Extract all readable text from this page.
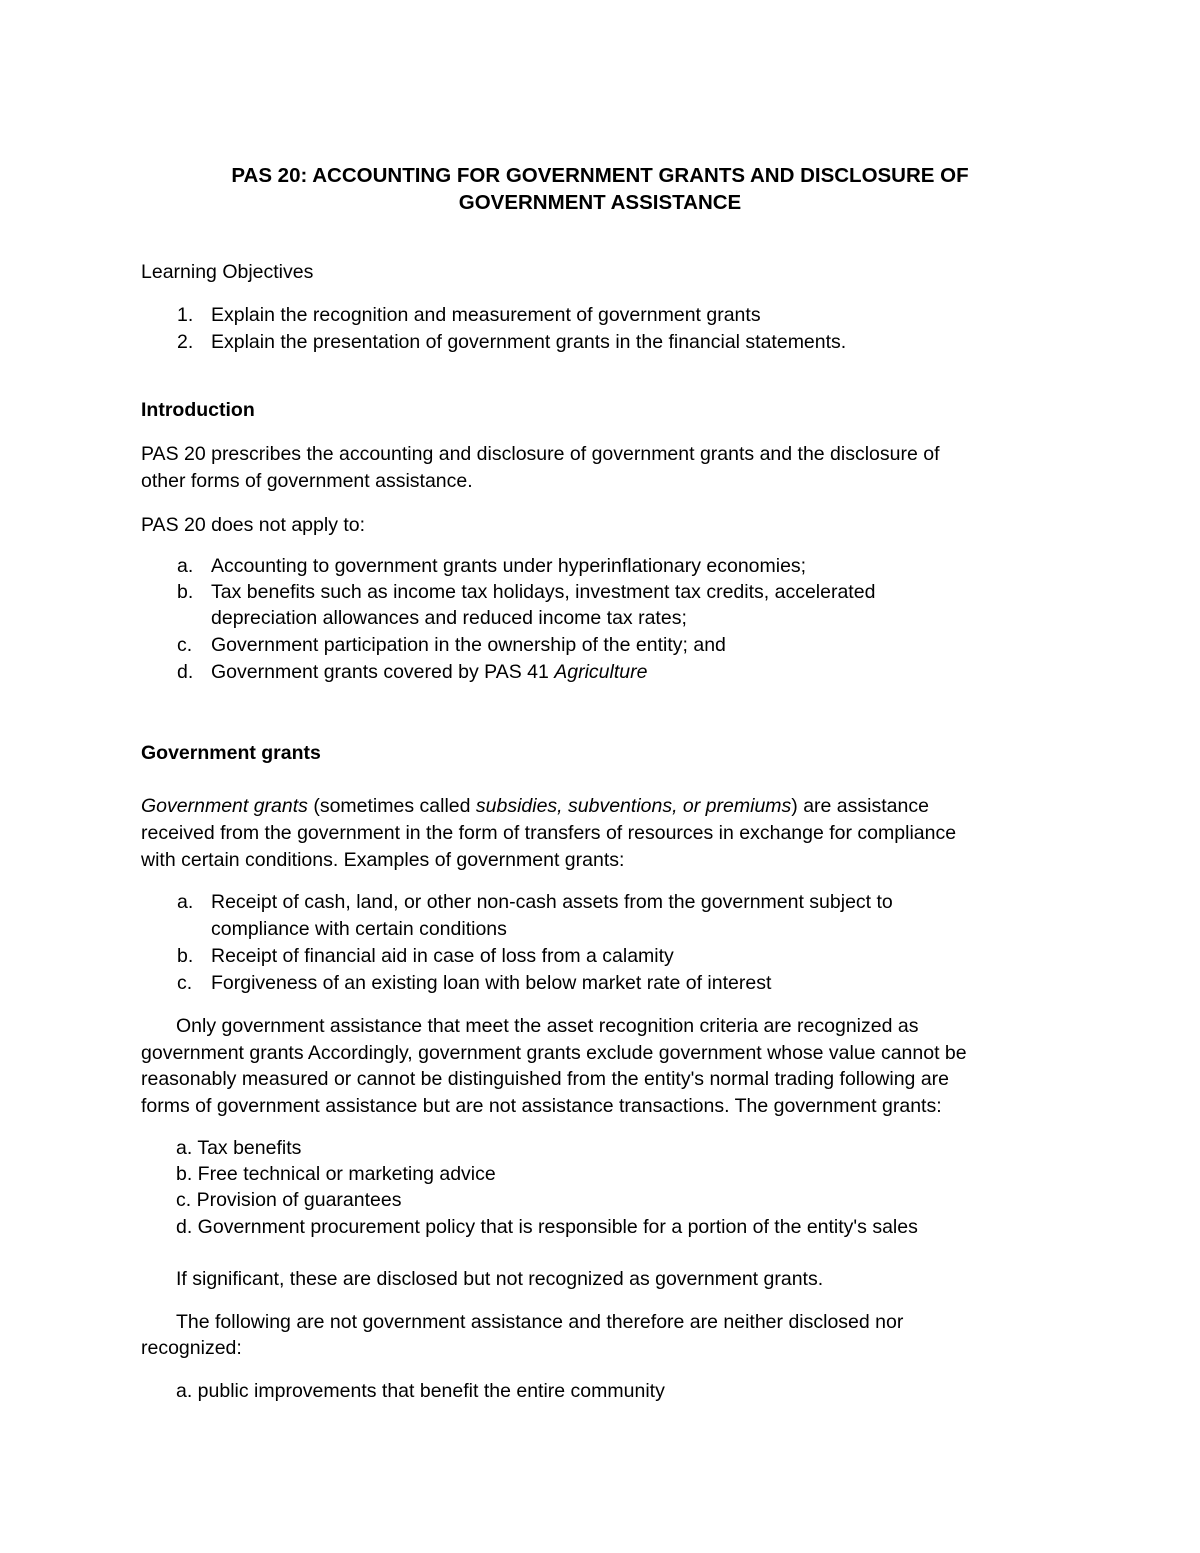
PAS 20: ACCOUNTING FOR GOVERNMENT GRANTS AND DISCLOSURE OF
GOVERNMENT ASSISTANCE
Learning Objectives
1. Explain the recognition and measurement of government grants
2. Explain the presentation of government grants in the financial statements.
Introduction
PAS 20 prescribes the accounting and disclosure of government grants and the disclosure of
other forms of government assistance.
PAS 20 does not apply to:
a. Accounting to government grants under hyperinflationary economies;
b. Tax benefits such as income tax holidays, investment tax credits, accelerated
depreciation allowances and reduced income tax rates;
c. Government participation in the ownership of the entity; and
d. Government grants covered by PAS 41 Agriculture
Government grants
Government grants (sometimes called subsidies, subventions, or premiums) are assistance
received from the government in the form of transfers of resources in exchange for compliance
with certain conditions. Examples of government grants:
a. Receipt of cash, land, or other non-cash assets from the government subject to
compliance with certain conditions
b. Receipt of financial aid in case of loss from a calamity
c. Forgiveness of an existing loan with below market rate of interest
Only government assistance that meet the asset recognition criteria are recognized as
government grants Accordingly, government grants exclude government whose value cannot be
reasonably measured or cannot be distinguished from the entity's normal trading following are
forms of government assistance but are not assistance transactions. The government grants:
a. Tax benefits
b. Free technical or marketing advice
c. Provision of guarantees
d. Government procurement policy that is responsible for a portion of the entity's sales
If significant, these are disclosed but not recognized as government grants.
The following are not government assistance and therefore are neither disclosed nor
recognized:
a. public improvements that benefit the entire community
